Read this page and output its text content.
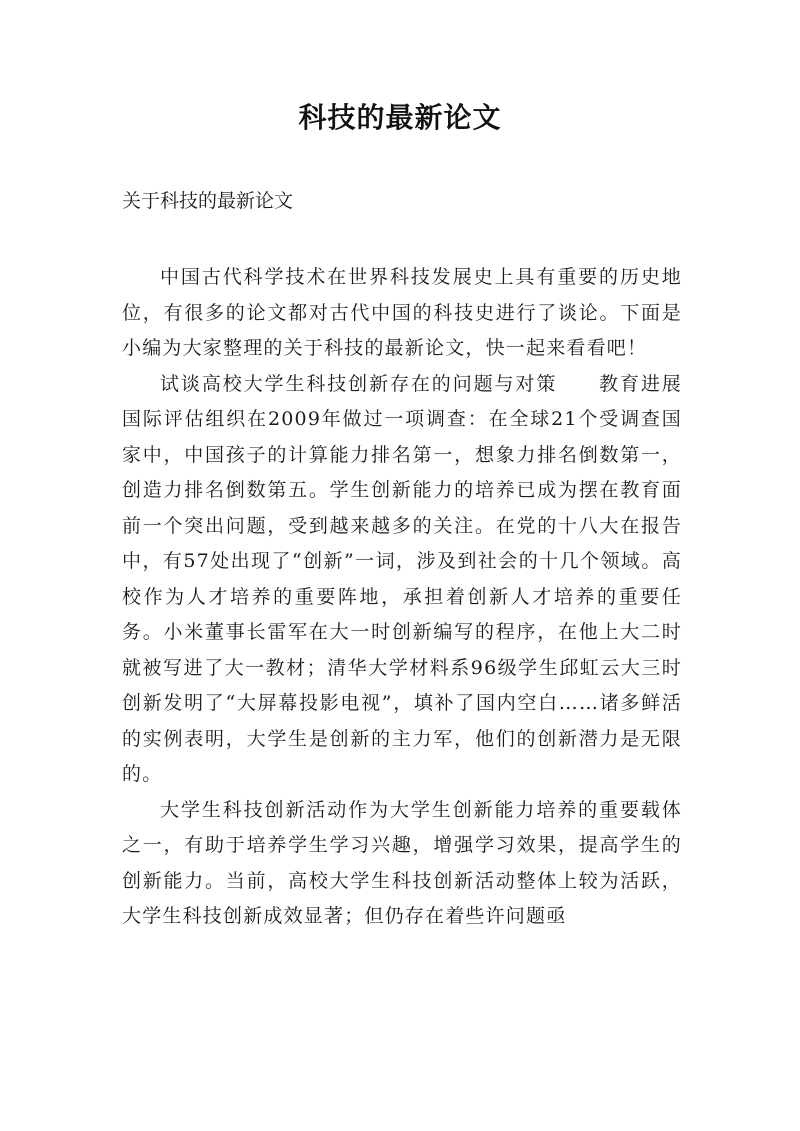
科技的最新论文

关于科技的最新论文

中国古代科学技术在世界科技发展史上具有重要的历史地位，有很多的论文都对古代中国的科技史进行了谈论。下面是小编为大家整理的关于科技的最新论文，快一起来看看吧！

试谈高校大学生科技创新存在的问题与对策　　教育进展国际评估组织在2009年做过一项调查：在全球21个受调查国家中，中国孩子的计算能力排名第一，想象力排名倒数第一，创造力排名倒数第五。学生创新能力的培养已成为摆在教育面前一个突出问题，受到越来越多的关注。在党的十八大在报告中，有57处出现了“创新”一词，涉及到社会的十几个领域。高校作为人才培养的重要阵地，承担着创新人才培养的重要任务。小米董事长雷军在大一时创新编写的程序，在他上大二时就被写进了大一教材；清华大学材料系96级学生邱虹云大三时创新发明了“大屏幕投影电视”，填补了国内空白……诸多鲜活的实例表明，大学生是创新的主力军，他们的创新潜力是无限的。

大学生科技创新活动作为大学生创新能力培养的重要载体之一，有助于培养学生学习兴趣，增强学习效果，提高学生的创新能力。当前，高校大学生科技创新活动整体上较为活跃，大学生科技创新成效显著；但仍存在着些许问题亟
